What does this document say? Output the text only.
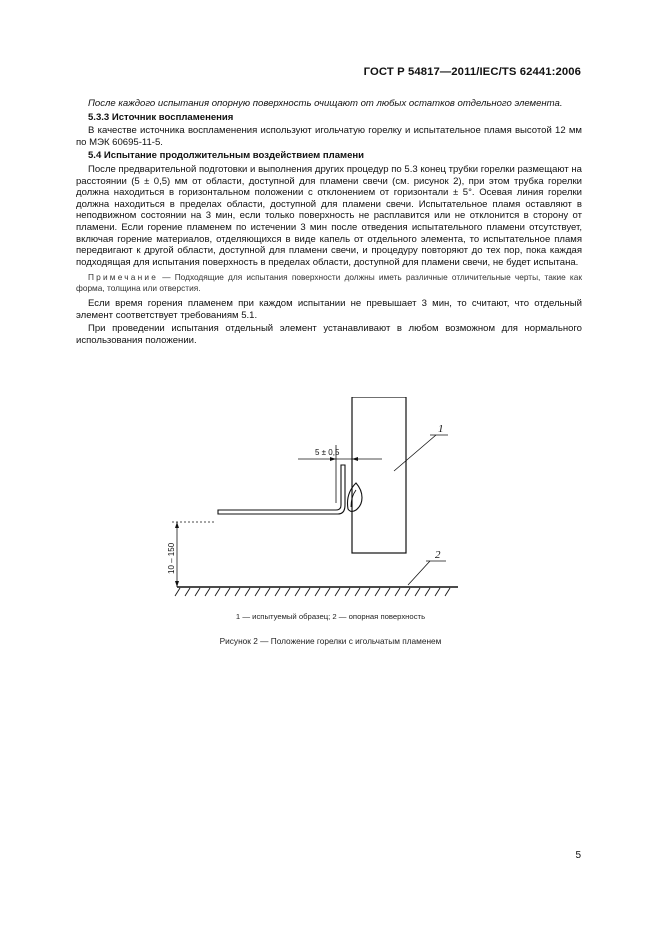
ГОСТ Р 54817—2011/IEC/TS 62441:2006

После каждого испытания опорную поверхность очищают от любых остатков отдельного элемента.

5.3.3 Источник воспламенения

В качестве источника воспламенения используют игольчатую горелку и испытательное пламя высотой 12 мм по МЭК 60695-11-5.

5.4 Испытание продолжительным воздействием пламени

После предварительной подготовки и выполнения других процедур по 5.3 конец трубки горелки размещают на расстоянии (5 ± 0,5) мм от области, доступной для пламени свечи (см. рисунок 2), при этом трубка горелки должна находиться в горизонтальном положении с отклонением от горизонтали ± 5°. Осевая линия горелки должна находиться в пределах области, доступной для пламени свечи. Испытательное пламя оставляют в неподвижном состоянии на 3 мин, если только поверхность не расплавится или не отклонится в сторону от пламени. Если горение пламенем по истечении 3 мин после отведения испытательного пламени отсутствует, включая горение материалов, отделяющихся в виде капель от отдельного элемента, то испытательное пламя передвигают к другой области, доступной для пламени свечи, и процедуру повторяют до тех пор, пока каждая подходящая для испытания поверхность в пределах области, доступной для пламени свечи, не будет испытана.

Примечание — Подходящие для испытания поверхности должны иметь различные отличительные черты, такие как форма, толщина или отверстия.

Если время горения пламенем при каждом испытании не превышает 3 мин, то считают, что отдельный элемент соответствует требованиям 5.1.

При проведении испытания отдельный элемент устанавливают в любом возможном для нормального использования положении.

5 ± 0,5
10 – 150
1
2
1 — испытуемый образец; 2 — опорная поверхность
Рисунок 2 — Положение горелки с игольчатым пламенем
5
